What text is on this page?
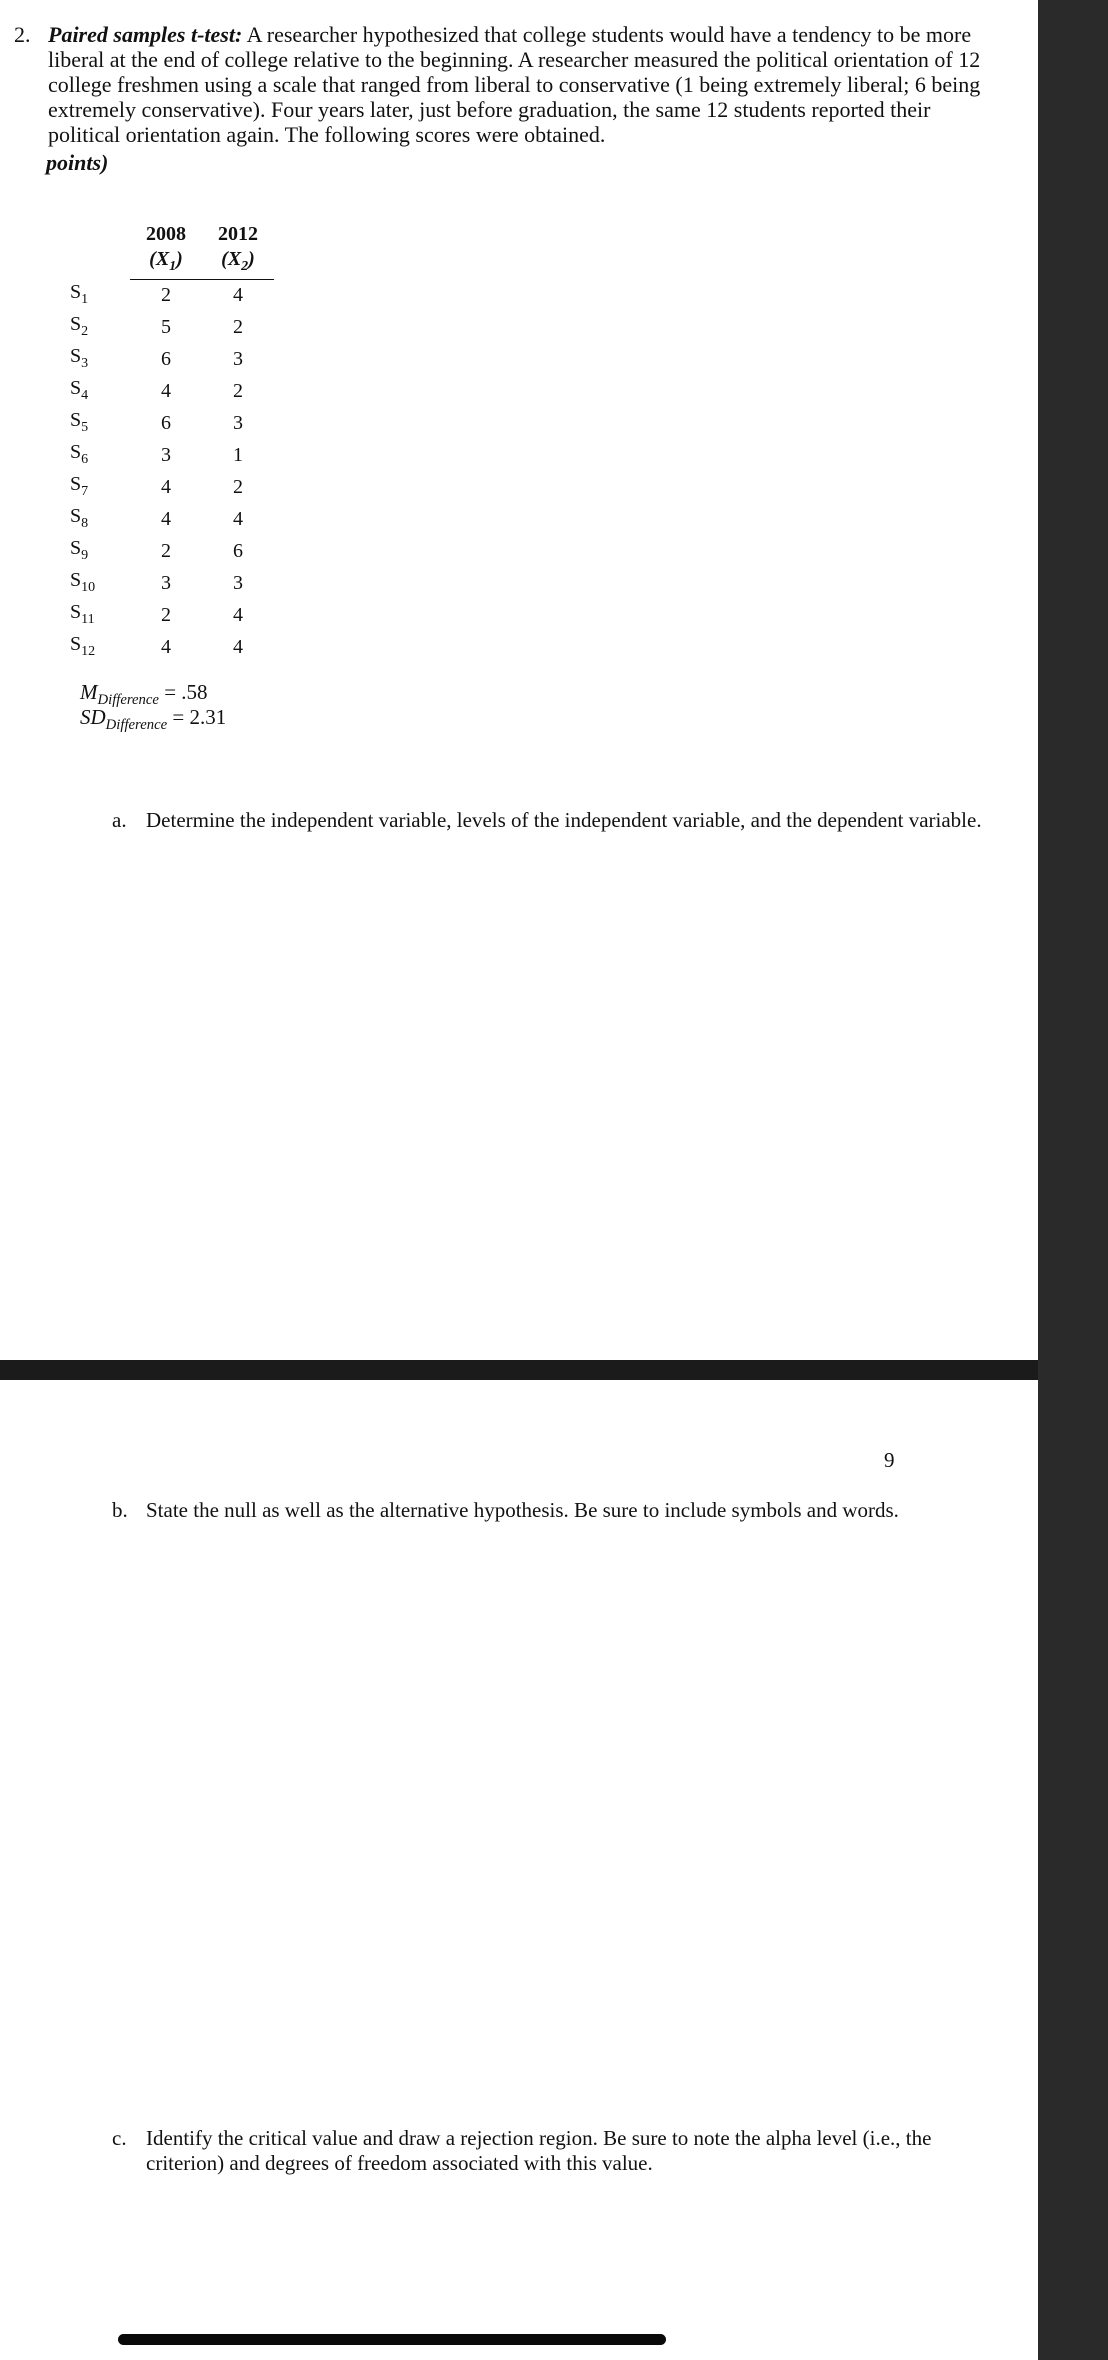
2. Paired samples t-test: A researcher hypothesized that college students would have a tendency to be more liberal at the end of college relative to the beginning. A researcher measured the political orientation of 12 college freshmen using a scale that ranged from liberal to conservative (1 being extremely liberal; 6 being extremely conservative). Four years later, just before graduation, the same 12 students reported their political orientation again. The following scores were obtained.
points)
	2008	2012
	$(X_1)$	$(X_2)$
$S_1$	2	4
$S_2$	5	2
$S_3$	6	3
$S_4$	4	2
$S_5$	6	3
$S_6$	3	1
$S_7$	4	2
$S_8$	4	4
$S_9$	2	6
$S_{10}$	3	3
$S_{11}$	2	4
$S_{12}$	4	4
$M_{Difference} = .58$
$SD_{Difference} = 2.31$
a. Determine the independent variable, levels of the independent variable, and the dependent variable.
9
b. State the null as well as the alternative hypothesis. Be sure to include symbols and words.
c. Identify the critical value and draw a rejection region. Be sure to note the alpha level (i.e., the criterion) and degrees of freedom associated with this value.
